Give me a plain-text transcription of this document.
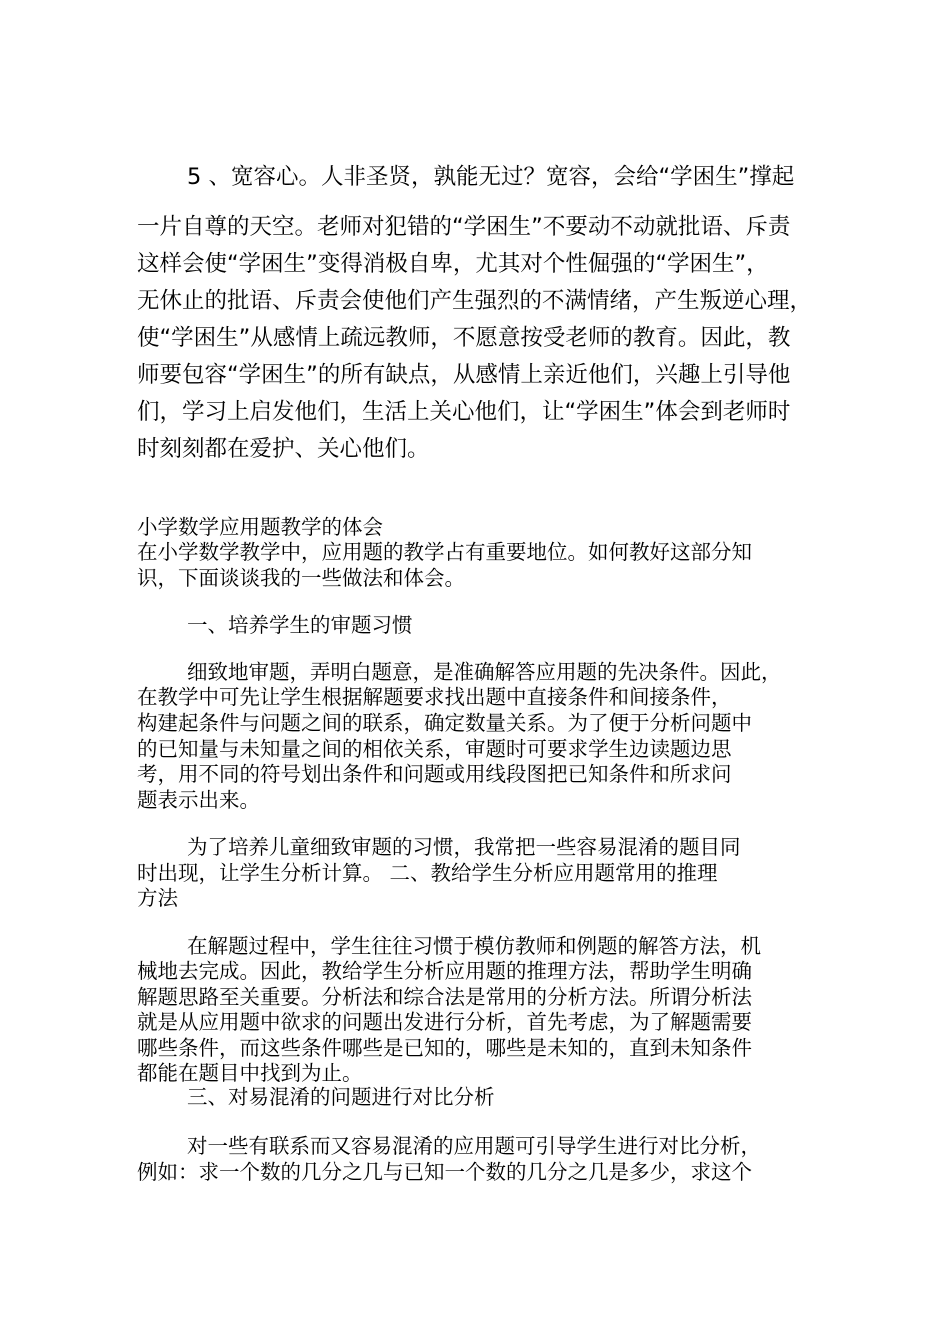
5 、宽容心。人非圣贤，孰能无过？宽容，会给“学困生”撑起
一片自尊的天空。老师对犯错的“学困生”不要动不动就批语、斥责
这样会使“学困生”变得消极自卑，尤其对个性倔强的“学困生”，
无休止的批语、斥责会使他们产生强烈的不满情绪，产生叛逆心理，
使“学困生”从感情上疏远教师，不愿意按受老师的教育。因此，教
师要包容“学困生”的所有缺点，从感情上亲近他们，兴趣上引导他
们，学习上启发他们，生活上关心他们，让“学困生”体会到老师时
时刻刻都在爱护、关心他们。
小学数学应用题教学的体会
在小学数学教学中，应用题的教学占有重要地位。如何教好这部分知
识，下面谈谈我的一些做法和体会。
一、培养学生的审题习惯
细致地审题，弄明白题意，是准确解答应用题的先决条件。因此，
在教学中可先让学生根据解题要求找出题中直接条件和间接条件，
构建起条件与问题之间的联系，确定数量关系。为了便于分析问题中
的已知量与未知量之间的相依关系，审题时可要求学生边读题边思
考，用不同的符号划出条件和问题或用线段图把已知条件和所求问
题表示出来。
为了培养儿童细致审题的习惯，我常把一些容易混淆的题目同
时出现，让学生分析计算。 二、教给学生分析应用题常用的推理
方法
在解题过程中，学生往往习惯于模仿教师和例题的解答方法，机
械地去完成。因此，教给学生分析应用题的推理方法，帮助学生明确
解题思路至关重要。分析法和综合法是常用的分析方法。所谓分析法
就是从应用题中欲求的问题出发进行分析，首先考虑，为了解题需要
哪些条件，而这些条件哪些是已知的，哪些是未知的，直到未知条件
都能在题目中找到为止。
三、对易混淆的问题进行对比分析
对一些有联系而又容易混淆的应用题可引导学生进行对比分析，
例如：求一个数的几分之几与已知一个数的几分之几是多少，求这个
